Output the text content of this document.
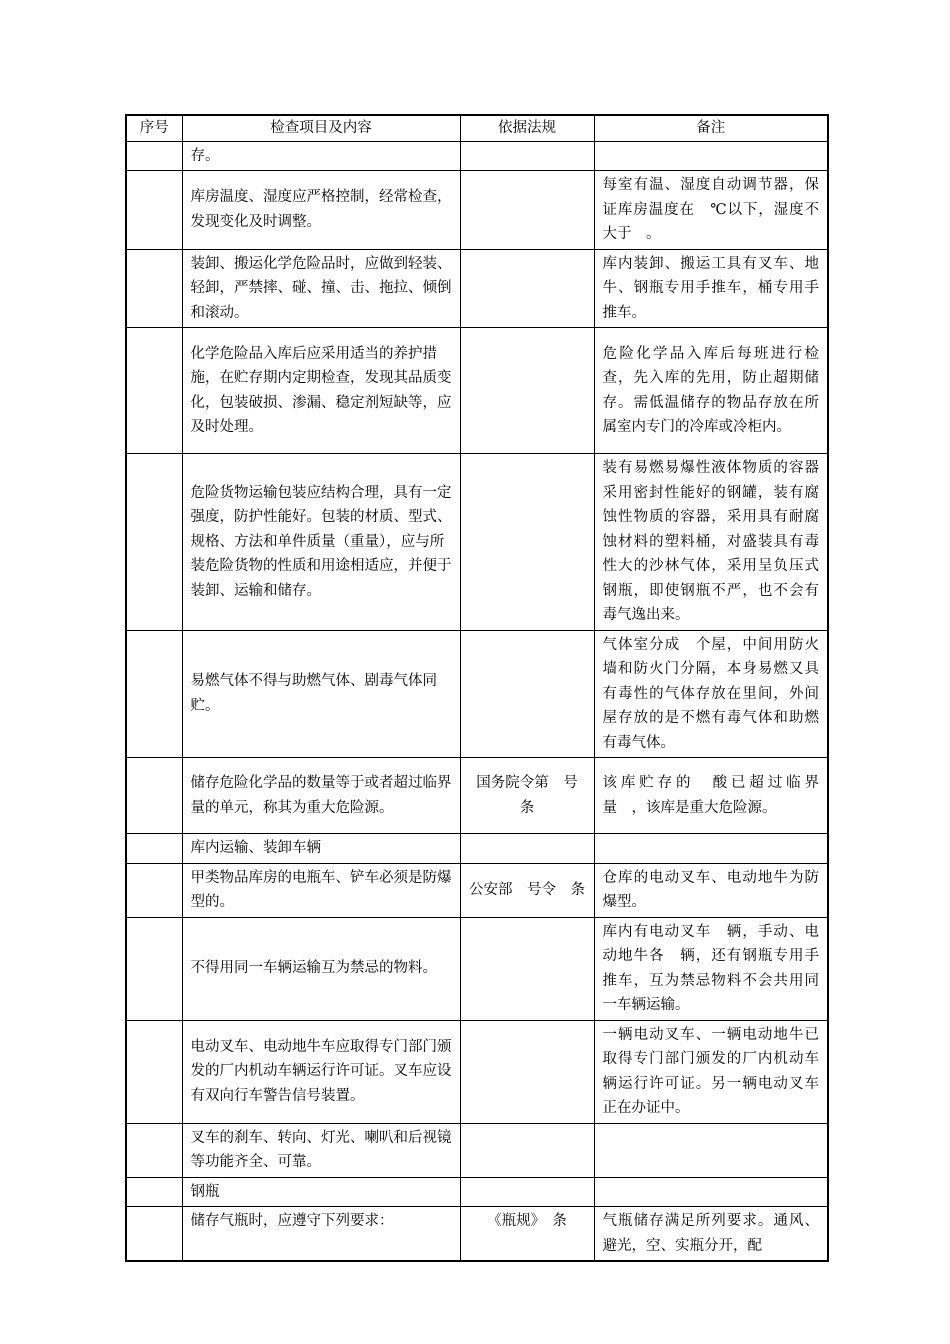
序号	检查项目及内容	依据法规	备注
	存。		
	库房温度、湿度应严格控制，经常检查，发现变化及时调整。		每室有温、湿度自动调节器，保证库房温度在　℃以下，湿度不大于　。
	装卸、搬运化学危险品时，应做到轻装、轻卸，严禁摔、碰、撞、击、拖拉、倾倒和滚动。		库内装卸、搬运工具有叉车、地牛、钢瓶专用手推车，桶专用手推车。
	化学危险品入库后应采用适当的养护措施，在贮存期内定期检查，发现其品质变化，包装破损、渗漏、稳定剂短缺等，应及时处理。		危险化学品入库后每班进行检查，先入库的先用，防止超期储存。需低温储存的物品存放在所属室内专门的冷库或冷柜内。
	危险货物运输包装应结构合理，具有一定强度，防护性能好。包装的材质、型式、规格、方法和单件质量（重量），应与所装危险货物的性质和用途相适应，并便于装卸、运输和储存。		装有易燃易爆性液体物质的容器采用密封性能好的钢罐，装有腐蚀性物质的容器，采用具有耐腐蚀材料的塑料桶，对盛装具有毒性大的沙林气体，采用呈负压式钢瓶，即使钢瓶不严，也不会有毒气逸出来。
	易燃气体不得与助燃气体、剧毒气体同贮。		气体室分成　个屋，中间用防火墙和防火门分隔，本身易燃又具有毒性的气体存放在里间，外间屋存放的是不燃有毒气体和助燃有毒气体。
	储存危险化学品的数量等于或者超过临界量的单元，称其为重大危险源。	国务院令第　号　条	该库贮存的　酸已超过临界量　，该库是重大危险源。
	库内运输、装卸车辆		
	甲类物品库房的电瓶车、铲车必须是防爆型的。	公安部　号令　条	仓库的电动叉车、电动地牛为防爆型。
	不得用同一车辆运输互为禁忌的物料。		库内有电动叉车　辆，手动、电动地牛各　辆，还有钢瓶专用手推车，互为禁忌物料不会共用同一车辆运输。
	电动叉车、电动地牛车应取得专门部门颁发的厂内机动车辆运行许可证。叉车应设有双向行车警告信号装置。		一辆电动叉车、一辆电动地牛已取得专门部门颁发的厂内机动车辆运行许可证。另一辆电动叉车正在办证中。
	叉车的刹车、转向、灯光、喇叭和后视镜等功能齐全、可靠。		
	钢瓶		
	储存气瓶时，应遵守下列要求：	《瓶规》　条	气瓶储存满足所列要求。通风、避光，空、实瓶分开，配
